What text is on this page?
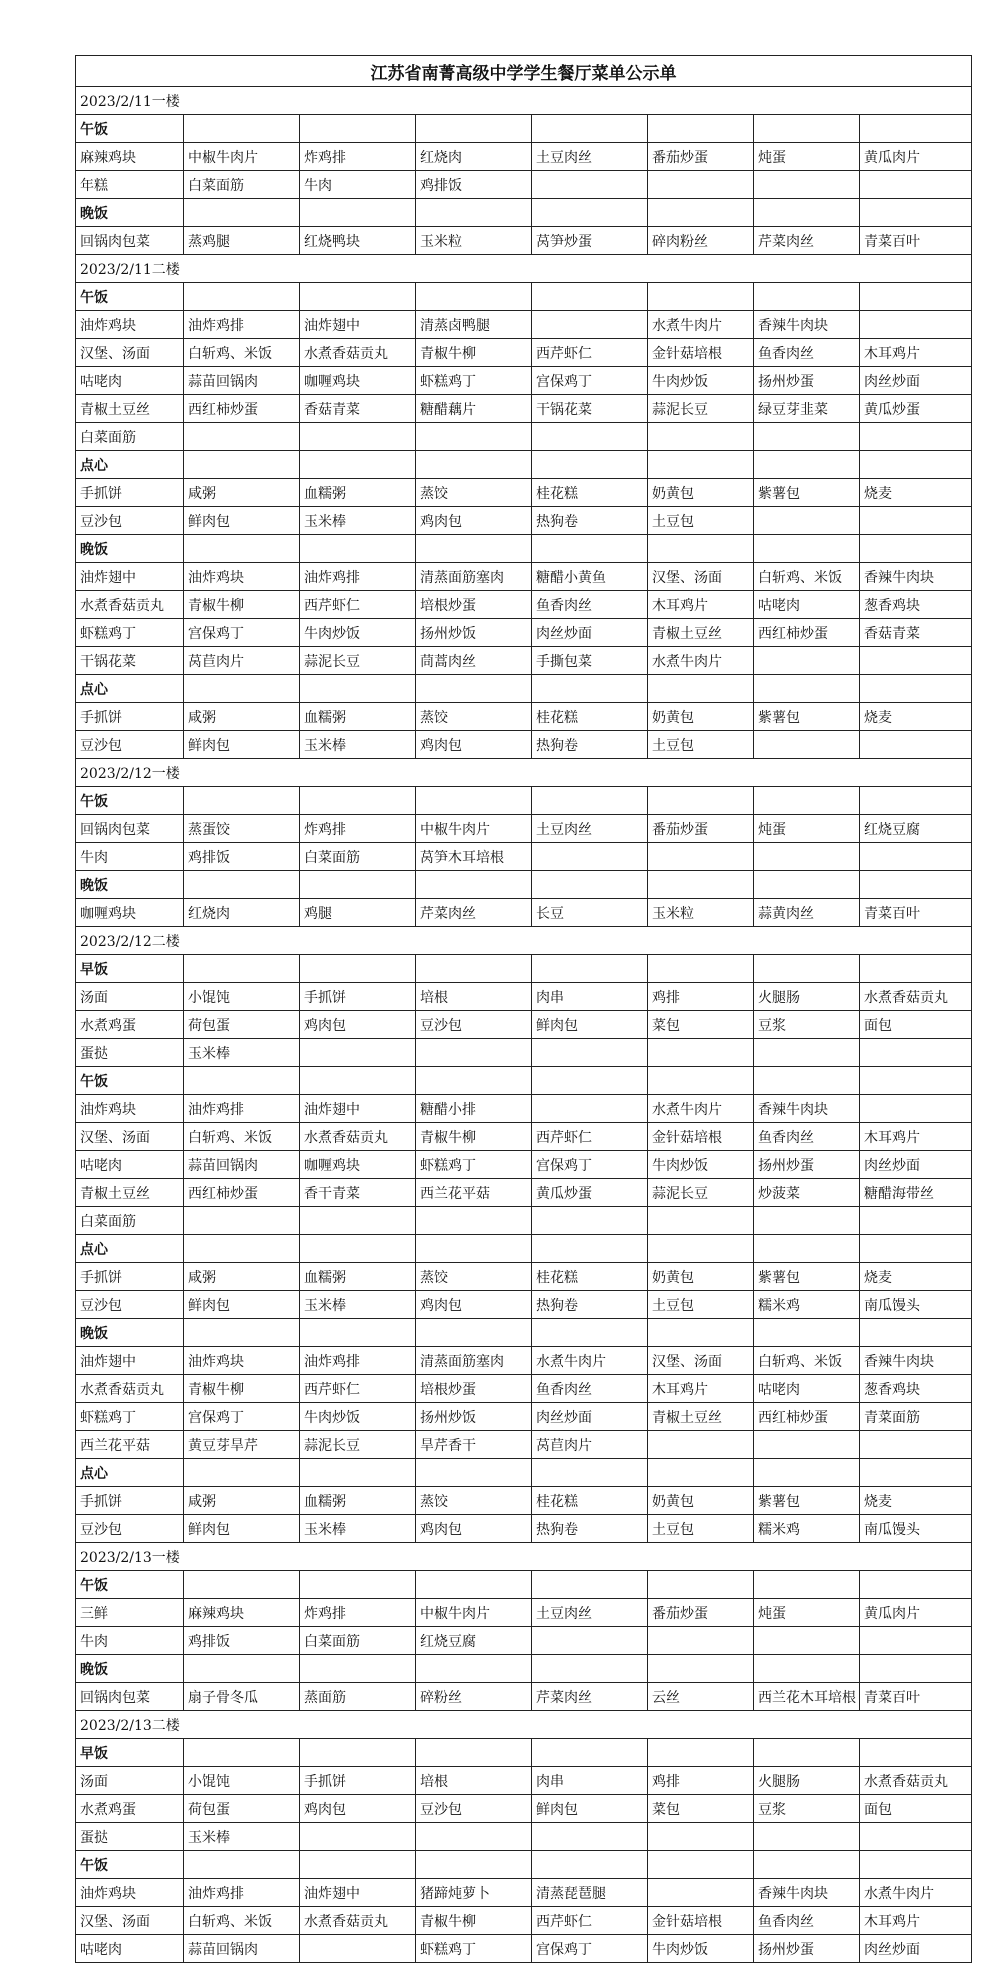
江苏省南菁高级中学学生餐厅菜单公示单							
2023/2/11一楼							
午饭							
麻辣鸡块	中椒牛肉片	炸鸡排	红烧肉	土豆肉丝	番茄炒蛋	炖蛋	黄瓜肉片
年糕	白菜面筋	牛肉	鸡排饭				
晚饭							
回锅肉包菜	蒸鸡腿	红烧鸭块	玉米粒	莴笋炒蛋	碎肉粉丝	芹菜肉丝	青菜百叶
2023/2/11二楼							
午饭							
油炸鸡块	油炸鸡排	油炸翅中	清蒸卤鸭腿		水煮牛肉片	香辣牛肉块	
汉堡、汤面	白斩鸡、米饭	水煮香菇贡丸	青椒牛柳	西芹虾仁	金针菇培根	鱼香肉丝	木耳鸡片
咕咾肉	蒜苗回锅肉	咖喱鸡块	虾糕鸡丁	宫保鸡丁	牛肉炒饭	扬州炒蛋	肉丝炒面
青椒土豆丝	西红柿炒蛋	香菇青菜	糖醋藕片	干锅花菜	蒜泥长豆	绿豆芽韭菜	黄瓜炒蛋
白菜面筋							
点心							
手抓饼	咸粥	血糯粥	蒸饺	桂花糕	奶黄包	紫薯包	烧麦
豆沙包	鲜肉包	玉米棒	鸡肉包	热狗卷	土豆包		
晚饭							
油炸翅中	油炸鸡块	油炸鸡排	清蒸面筋塞肉	糖醋小黄鱼	汉堡、汤面	白斩鸡、米饭	香辣牛肉块
水煮香菇贡丸	青椒牛柳	西芹虾仁	培根炒蛋	鱼香肉丝	木耳鸡片	咕咾肉	葱香鸡块
虾糕鸡丁	宫保鸡丁	牛肉炒饭	扬州炒饭	肉丝炒面	青椒土豆丝	西红柿炒蛋	香菇青菜
干锅花菜	莴苣肉片	蒜泥长豆	茼蒿肉丝	手撕包菜	水煮牛肉片		
点心							
手抓饼	咸粥	血糯粥	蒸饺	桂花糕	奶黄包	紫薯包	烧麦
豆沙包	鲜肉包	玉米棒	鸡肉包	热狗卷	土豆包		
2023/2/12一楼							
午饭							
回锅肉包菜	蒸蛋饺	炸鸡排	中椒牛肉片	土豆肉丝	番茄炒蛋	炖蛋	红烧豆腐
牛肉	鸡排饭	白菜面筋	莴笋木耳培根				
晚饭							
咖喱鸡块	红烧肉	鸡腿	芹菜肉丝	长豆	玉米粒	蒜黄肉丝	青菜百叶
2023/2/12二楼							
早饭							
汤面	小馄饨	手抓饼	培根	肉串	鸡排	火腿肠	水煮香菇贡丸
水煮鸡蛋	荷包蛋	鸡肉包	豆沙包	鲜肉包	菜包	豆浆	面包
蛋挞	玉米棒						
午饭							
油炸鸡块	油炸鸡排	油炸翅中	糖醋小排		水煮牛肉片	香辣牛肉块	
汉堡、汤面	白斩鸡、米饭	水煮香菇贡丸	青椒牛柳	西芹虾仁	金针菇培根	鱼香肉丝	木耳鸡片
咕咾肉	蒜苗回锅肉	咖喱鸡块	虾糕鸡丁	宫保鸡丁	牛肉炒饭	扬州炒蛋	肉丝炒面
青椒土豆丝	西红柿炒蛋	香干青菜	西兰花平菇	黄瓜炒蛋	蒜泥长豆	炒菠菜	糖醋海带丝
白菜面筋							
点心							
手抓饼	咸粥	血糯粥	蒸饺	桂花糕	奶黄包	紫薯包	烧麦
豆沙包	鲜肉包	玉米棒	鸡肉包	热狗卷	土豆包	糯米鸡	南瓜馒头
晚饭							
油炸翅中	油炸鸡块	油炸鸡排	清蒸面筋塞肉	水煮牛肉片	汉堡、汤面	白斩鸡、米饭	香辣牛肉块
水煮香菇贡丸	青椒牛柳	西芹虾仁	培根炒蛋	鱼香肉丝	木耳鸡片	咕咾肉	葱香鸡块
虾糕鸡丁	宫保鸡丁	牛肉炒饭	扬州炒饭	肉丝炒面	青椒土豆丝	西红柿炒蛋	青菜面筋
西兰花平菇	黄豆芽旱芹	蒜泥长豆	旱芹香干	莴苣肉片			
点心							
手抓饼	咸粥	血糯粥	蒸饺	桂花糕	奶黄包	紫薯包	烧麦
豆沙包	鲜肉包	玉米棒	鸡肉包	热狗卷	土豆包	糯米鸡	南瓜馒头
2023/2/13一楼							
午饭							
三鲜	麻辣鸡块	炸鸡排	中椒牛肉片	土豆肉丝	番茄炒蛋	炖蛋	黄瓜肉片
牛肉	鸡排饭	白菜面筋	红烧豆腐				
晚饭							
回锅肉包菜	扇子骨冬瓜	蒸面筋	碎粉丝	芹菜肉丝	云丝	西兰花木耳培根	青菜百叶
2023/2/13二楼							
早饭							
汤面	小馄饨	手抓饼	培根	肉串	鸡排	火腿肠	水煮香菇贡丸
水煮鸡蛋	荷包蛋	鸡肉包	豆沙包	鲜肉包	菜包	豆浆	面包
蛋挞	玉米棒						
午饭							
油炸鸡块	油炸鸡排	油炸翅中	猪蹄炖萝卜	清蒸琵琶腿		香辣牛肉块	水煮牛肉片
汉堡、汤面	白斩鸡、米饭	水煮香菇贡丸	青椒牛柳	西芹虾仁	金针菇培根	鱼香肉丝	木耳鸡片
咕咾肉	蒜苗回锅肉		虾糕鸡丁	宫保鸡丁	牛肉炒饭	扬州炒蛋	肉丝炒面
